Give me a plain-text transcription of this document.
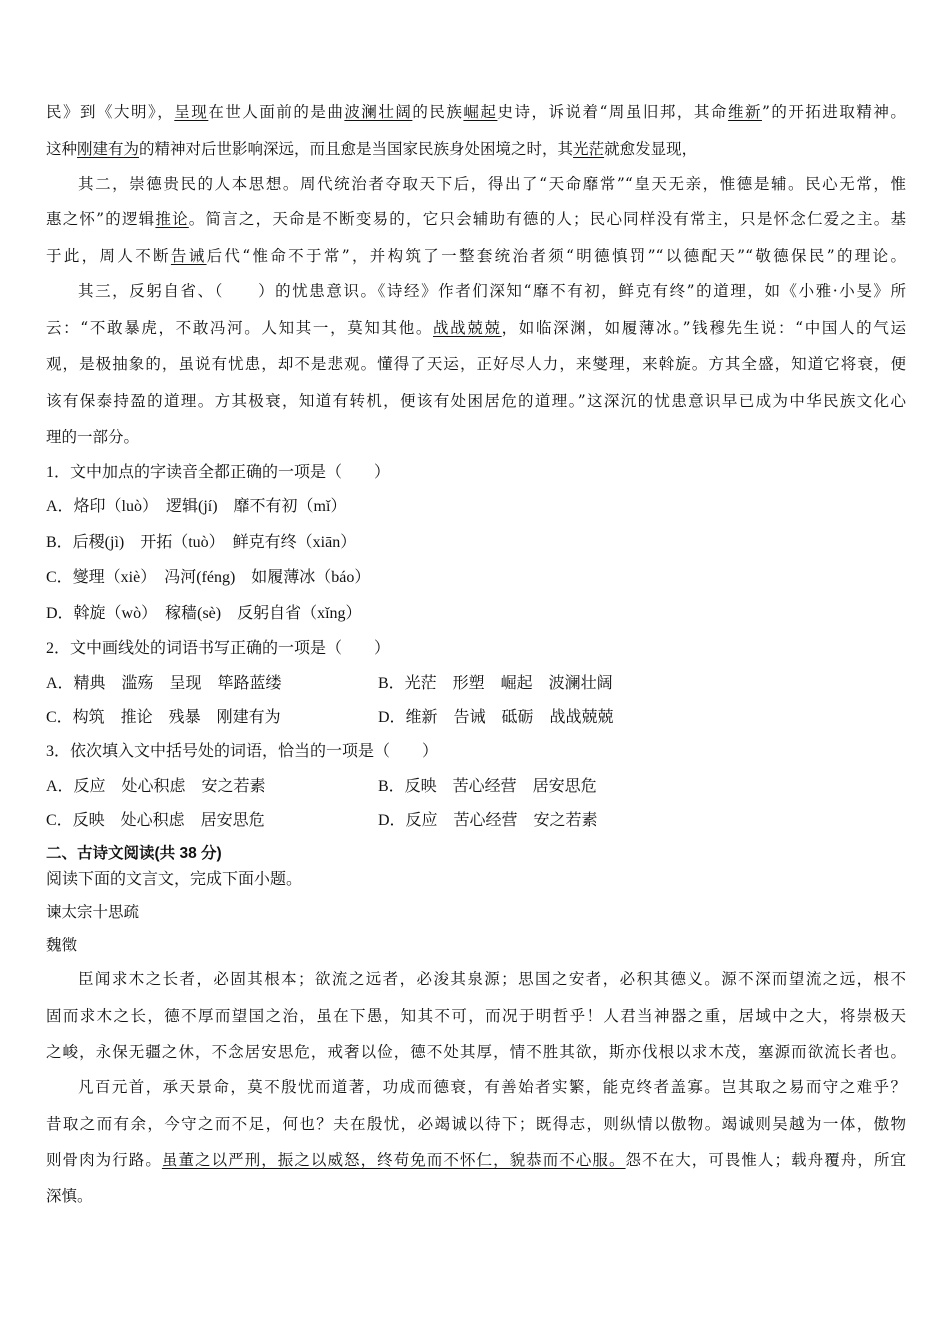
民》到《大明》，呈现在世人面前的是曲波澜壮阔的民族崛起史诗，诉说着“周虽旧邦，其命维新”的开拓进取精神。
这种刚建有为的精神对后世影响深远，而且愈是当国家民族身处困境之时，其光茫就愈发显现，
其二，崇德贵民的人本思想。周代统治者夺取天下后，得出了“天命靡常”“皇天无亲，惟德是辅。民心无常，惟
惠之怀”的逻辑推论。简言之，天命是不断变易的，它只会辅助有德的人；民心同样没有常主，只是怀念仁爱之主。基
于此，周人不断告诫后代“惟命不于常”，并构筑了一整套统治者须“明德慎罚”“以德配天”“敬德保民”的理论。
其三，反躬自省、（　　）的忧患意识。《诗经》作者们深知“靡不有初，鲜克有终”的道理，如《小雅·小旻》所
云：“不敢暴虎，不敢冯河。人知其一，莫知其他。战战兢兢，如临深渊，如履薄冰。”钱穆先生说：“中国人的气运
观，是极抽象的，虽说有忧患，却不是悲观。懂得了天运，正好尽人力，来燮理，来斡旋。方其全盛，知道它将衰，便
该有保泰持盈的道理。方其极衰，知道有转机，便该有处困居危的道理。”这深沉的忧患意识早已成为中华民族文化心
理的一部分。
1．文中加点的字读音全都正确的一项是（　　）
A．烙印（luò）　逻辑(jí)　靡不有初（mǐ）
B．后稷(jì)　开拓（tuò）　鲜克有终（xiān）
C．燮理（xiè）　冯河(féng)　如履薄冰（báo）
D．斡旋（wò）　稼穑(sè)　反躬自省（xǐng）
2．文中画线处的词语书写正确的一项是（　　）
A．精典　滥殇　呈现　筚路蓝缕	B．光茫　形塑　崛起　波澜壮阔
C．构筑　推论　残暴　刚建有为	D．维新　告诫　砥砺　战战兢兢
3．依次填入文中括号处的词语，恰当的一项是（　　）
A．反应　处心积虑　安之若素	B．反映　苦心经营　居安思危
C．反映　处心积虑　居安思危	D．反应　苦心经营　安之若素
二、古诗文阅读(共 38 分)
阅读下面的文言文，完成下面小题。
谏太宗十思疏
魏徵
臣闻求木之长者，必固其根本；欲流之远者，必浚其泉源；思国之安者，必积其德义。源不深而望流之远，根不
固而求木之长，德不厚而望国之治，虽在下愚，知其不可，而况于明哲乎！人君当神器之重，居域中之大，将崇极天
之峻，永保无疆之休，不念居安思危，戒奢以俭，德不处其厚，情不胜其欲，斯亦伐根以求木茂，塞源而欲流长者也。
凡百元首，承天景命，莫不殷忧而道著，功成而德衰，有善始者实繁，能克终者盖寡。岂其取之易而守之难乎？
昔取之而有余，今守之而不足，何也？夫在殷忧，必竭诚以待下；既得志，则纵情以傲物。竭诚则吴越为一体，傲物
则骨肉为行路。虽董之以严刑，振之以威怒，终苟免而不怀仁，貌恭而不心服。怨不在大，可畏惟人；载舟覆舟，所宜
深慎。
